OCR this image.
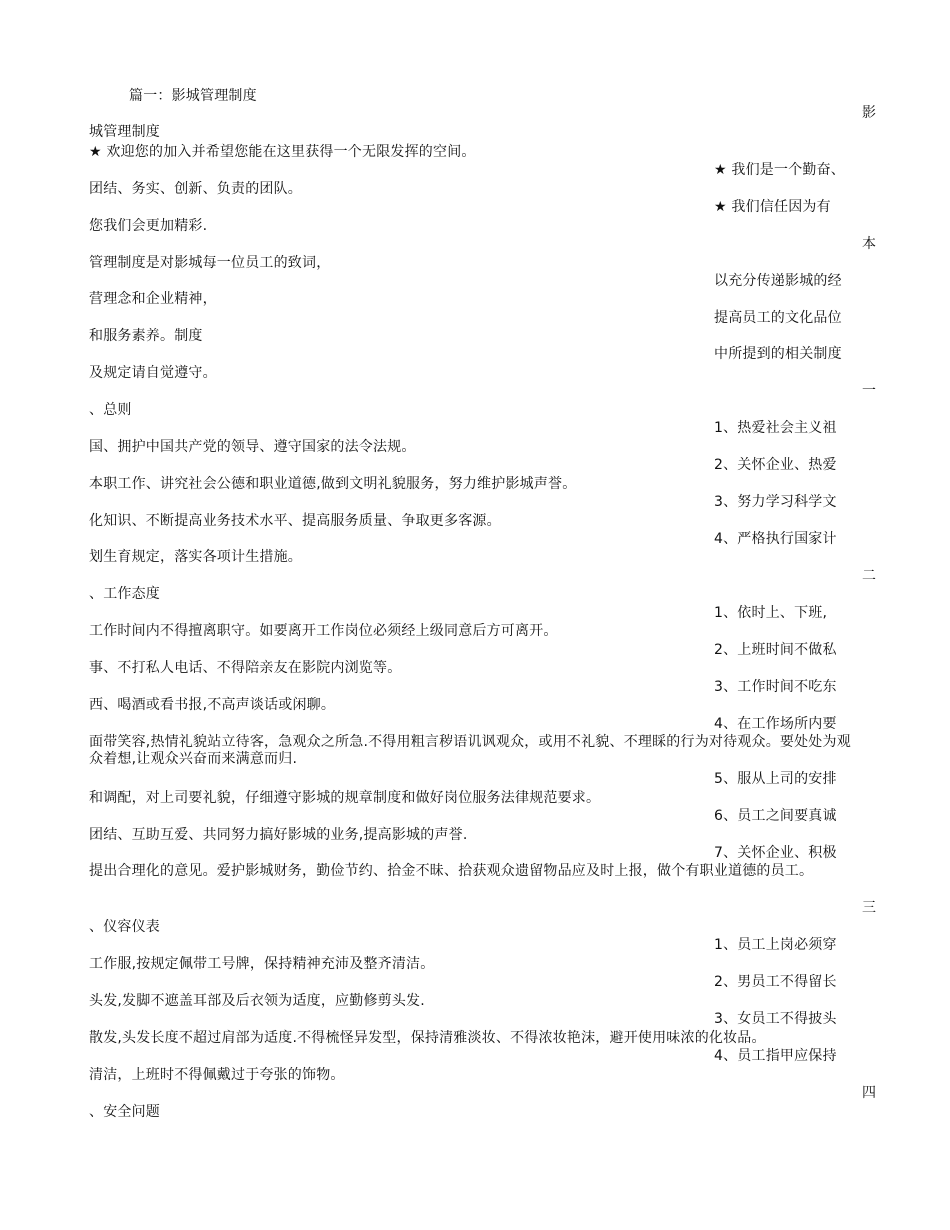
篇一：影城管理制度
城管理制度
★ 欢迎您的加入并希望您能在这里获得一个无限发挥的空间。
团结、务实、创新、负责的团队。
您我们会更加精彩.
管理制度是对影城每一位员工的致词，
营理念和企业精神，
和服务素养。制度
及规定请自觉遵守。
、总则
国、拥护中国共产党的领导、遵守国家的法令法规。
本职工作、讲究社会公德和职业道德,做到文明礼貌服务，努力维护影城声誉。
化知识、不断提高业务技术水平、提高服务质量、争取更多客源。
划生育规定，落实各项计生措施。
、工作态度
工作时间内不得擅离职守。如要离开工作岗位必须经上级同意后方可离开。
事、不打私人电话、不得陪亲友在影院内浏览等。
西、喝酒或看书报,不高声谈话或闲聊。
面带笑容,热情礼貌站立待客，急观众之所急.不得用粗言秽语讥讽观众，或用不礼貌、不理睬的行为对待观众。要处处为观众着想,让观众兴奋而来满意而归.
和调配，对上司要礼貌，仔细遵守影城的规章制度和做好岗位服务法律规范要求。
团结、互助互爱、共同努力搞好影城的业务,提高影城的声誉.
提出合理化的意见。爱护影城财务，勤俭节约、拾金不昧、拾获观众遗留物品应及时上报，做个有职业道德的员工。
、仪容仪表
工作服,按规定佩带工号牌，保持精神充沛及整齐清洁。
头发,发脚不遮盖耳部及后衣领为适度，应勤修剪头发.
散发,头发长度不超过肩部为适度.不得梳怪异发型，保持清雅淡妆、不得浓妆艳沫，避开使用味浓的化妆品。
清洁，上班时不得佩戴过于夸张的饰物。
、安全问题
影
★ 我们是一个勤奋、
★ 我们信任因为有
本
以充分传递影城的经
提高员工的文化品位
中所提到的相关制度
一
1、热爱社会主义祖
2、关怀企业、热爱
3、努力学习科学文
4、严格执行国家计
二
1、依时上、下班,
2、上班时间不做私
3、工作时间不吃东
4、在工作场所内要
5、服从上司的安排
6、员工之间要真诚
7、关怀企业、积极
三
1、员工上岗必须穿
2、男员工不得留长
3、女员工不得披头
4、员工指甲应保持
四
